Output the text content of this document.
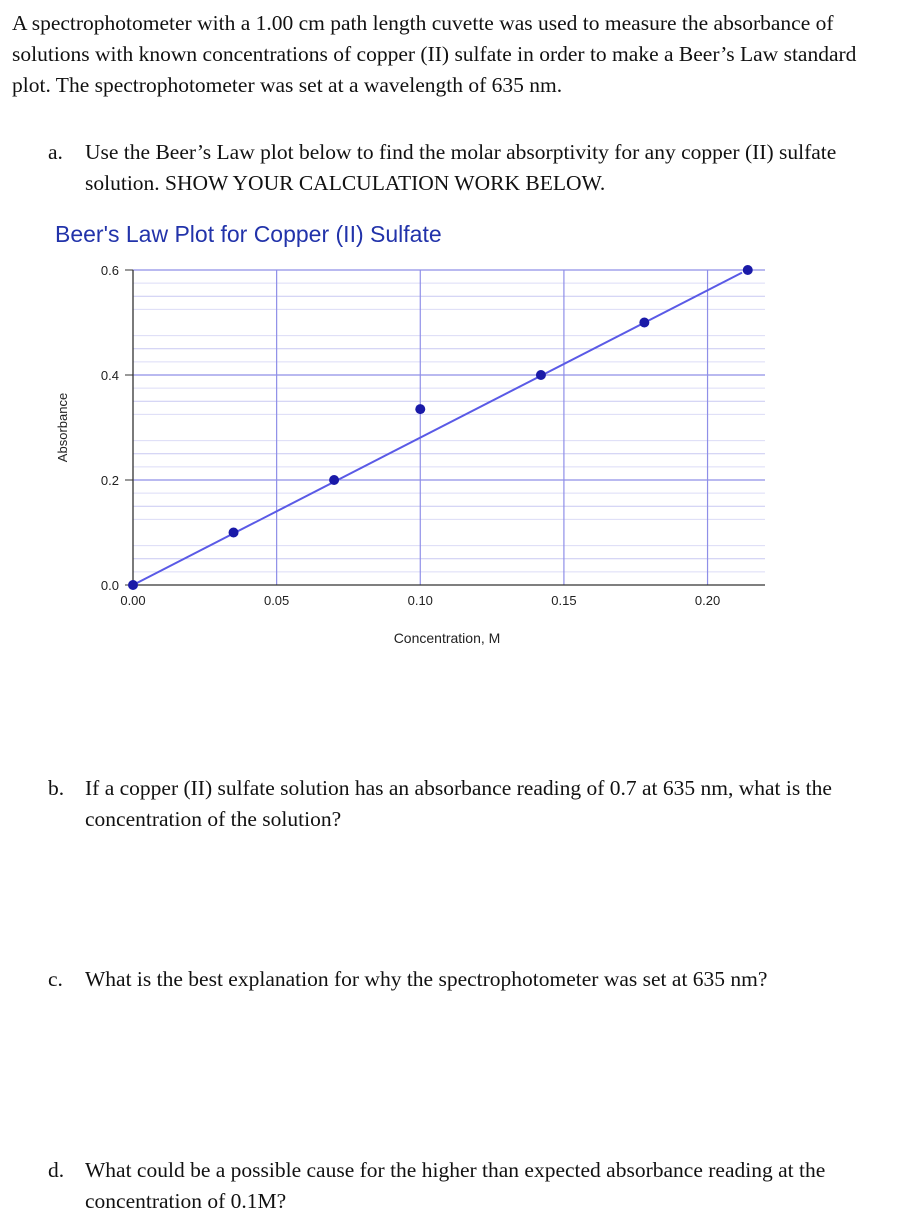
A spectrophotometer with a 1.00 cm path length cuvette was used to measure the absorbance of solutions with known concentrations of copper (II) sulfate in order to make a Beer’s Law standard plot. The spectrophotometer was set at a wavelength of 635 nm.
a. Use the Beer’s Law plot below to find the molar absorptivity for any copper (II) sulfate solution. SHOW YOUR CALCULATION WORK BELOW.
Beer's Law Plot for Copper (II) Sulfate
0.00	0.05	0.10	0.15	0.20
0.0
0.2
0.4
0.6
Concentration, M
Absorbance
b. If a copper (II) sulfate solution has an absorbance reading of 0.7 at 635 nm, what is the concentration of the solution?
c. What is the best explanation for why the spectrophotometer was set at 635 nm?
d. What could be a possible cause for the higher than expected absorbance reading at the concentration of 0.1M?
